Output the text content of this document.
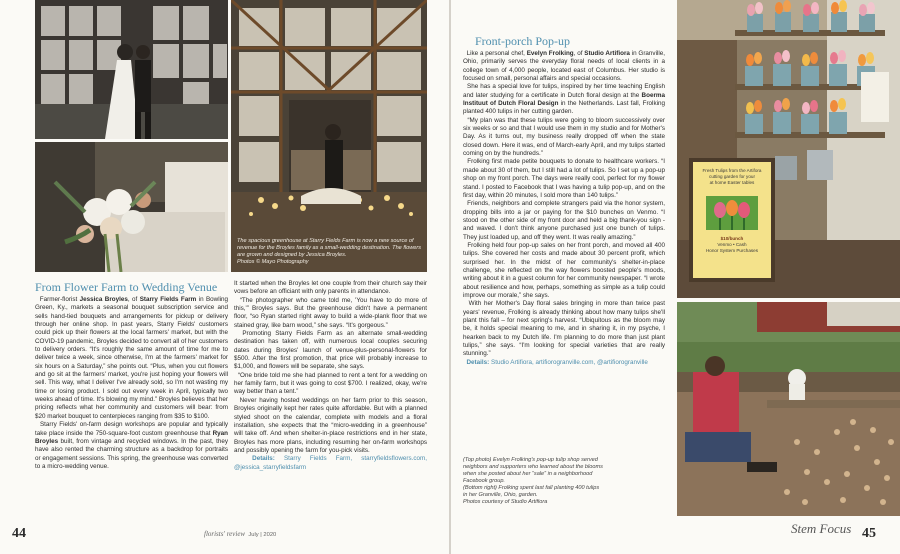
The spacious greenhouse at Starry Fields Farm is now a new source of
revenue for the Broyles family as a small-wedding destination. The flowers
are grown and designed by Jessica Broyles.
Photos © Mayo Photography
From Flower Farm to Wedding Venue

Farmer-florist Jessica Broyles, of Starry Fields Farm in Bowling Green, Ky., markets a seasonal bouquet subscription service and sells hand-tied bouquets and arrangements for pickup or delivery through her online shop. In past years, Starry Fields' customers could pick up their flowers at the local farmers' market, but with the COVID-19 pandemic, Broyles decided to convert all of her customers to delivery orders. “It's roughly the same amount of time for me to deliver twice a week, since otherwise, I'm at the farmers' market for six hours on a Saturday,” she points out. “Plus, when you cut flowers and go sit at the farmers' market, you're just hoping your flowers will sell. This way, what I deliver I've already sold, so I'm not wasting my time or losing product. I sold out every week in April, typically two weeks ahead of time. It's blowing my mind.” Broyles believes that her pricing reflects what her community and customers will bear: from $20 market bouquet to centerpieces ranging from $35 to $100.

Starry Fields' on-farm design workshops are popular and typically take place inside the 750-square-foot custom greenhouse that Ryan Broyles built, from vintage and recycled windows. In the past, they have also rented the charming structure as a backdrop for portraits or engagement sessions. This spring, the greenhouse was converted to a micro-wedding venue.

It started when the Broyles let one couple from their church say their vows before an officiant with only parents in attendance.

“The photographer who came told me, 'You have to do more of this,'” Broyles says. But the greenhouse didn't have a permanent floor, “so Ryan started right away to build a wide-plank floor that we stained gray, like barn wood,” she says. “It's gorgeous.”

Promoting Starry Fields Farm as an alternate small-wedding destination has taken off, with numerous local couples securing dates during Broyles' launch of venue-plus-personal-flowers for $500. After the first promotion, that price will probably increase to $1,000, and flowers will be separate, she says.

“One bride told me she had planned to rent a tent for a wedding on her family farm, but it was going to cost $700. I realized, okay, we're way better than a tent.”

Never having hosted weddings on her farm prior to this season, Broyles originally kept her rates quite affordable. But with a planned styled shoot on the calendar, complete with models and a floral installation, she expects that the “micro-wedding in a greenhouse” will take off. And when shelter-in-place restrictions end in her state, Broyles has more plans, including resuming her on-farm workshops and possibly opening the farm for you-pick visits.

Details: Starry Fields Farm, starryfieldsflowers.com, @jessica_starryfieldsfarm

44	florists' review July | 2020
Front-porch Pop-up

Like a personal chef, Evelyn Frolking, of Studio Artifiora in Granville, Ohio, primarily serves the everyday floral needs of local clients in a college town of 4,000 people, located east of Columbus. Her studio is focused on small, personal affairs and special occasions.

She has a special love for tulips, inspired by her time teaching English and later studying for a certificate in Dutch floral design at the Boerma Instituut of Dutch Floral Design in the Netherlands. Last fall, Frolking planted 400 tulips in her cutting garden.

“My plan was that these tulips were going to bloom successively over six weeks or so and that I would use them in my studio and for Mother's Day. As it turns out, my business really dropped off when the state closed down. Here it was, end of March-early April, and my tulips started coming on by the hundreds.”

Frolking first made petite bouquets to donate to healthcare workers. “I made about 30 of them, but I still had a lot of tulips. So I set up a pop-up shop on my front porch. The days were really cool, perfect for my flower stand. I posted to Facebook that I was having a tulip pop-up, and on the first day, within 20 minutes, I sold more than 140 tulips.”

Friends, neighbors and complete strangers paid via the honor system, dropping bills into a jar or paying for the $10 bunches on Venmo. “I stood on the other side of my front door and held a big thank-you sign - and waved. I don't think anyone purchased just one bunch of tulips. They just loaded up, and off they went. It was really amazing.”

Frolking held four pop-up sales on her front porch, and moved all 400 tulips. She covered her costs and made about 30 percent profit, which surprised her. In the midst of her community's shelter-in-place challenge, she reflected on the way flowers boosted people's moods, writing about it in a guest column for her community newspaper. “I wrote about resilience and how, perhaps, something as simple as a tulip could improve our morale,” she says.

With her Mother's Day floral sales bringing in more than twice past years' revenue, Frolking is already thinking about how many tulips she'll plant this fall – for next spring's harvest. “Ubiquitous as the bloom may be, it holds special meaning to me, and in sharing it, in my psyche, I hearken back to my Dutch life. I'm planning to do more than just plant tulips,” she says. “I'm looking for special varieties that are really stunning.”

Details: Studio Artifiora, artifiorogranville.com, @artifiorogranville

(Top photo) Evelyn Frolking's pop-up tulip shop served
neighbors and supporters who learned about the blooms
when she posted about her “sale” in a neighborhood
Facebook group.
(Bottom right) Frolking spent last fall planting 400 tulips
in her Granville, Ohio, garden.
Photos courtesy of Studio Artifiora
Fresh Tulips from the Artifora
cutting garden for your
at home Easter tables
$10/bunch
Venmo • Cash
Honor System Purchases
Stem Focus 45
